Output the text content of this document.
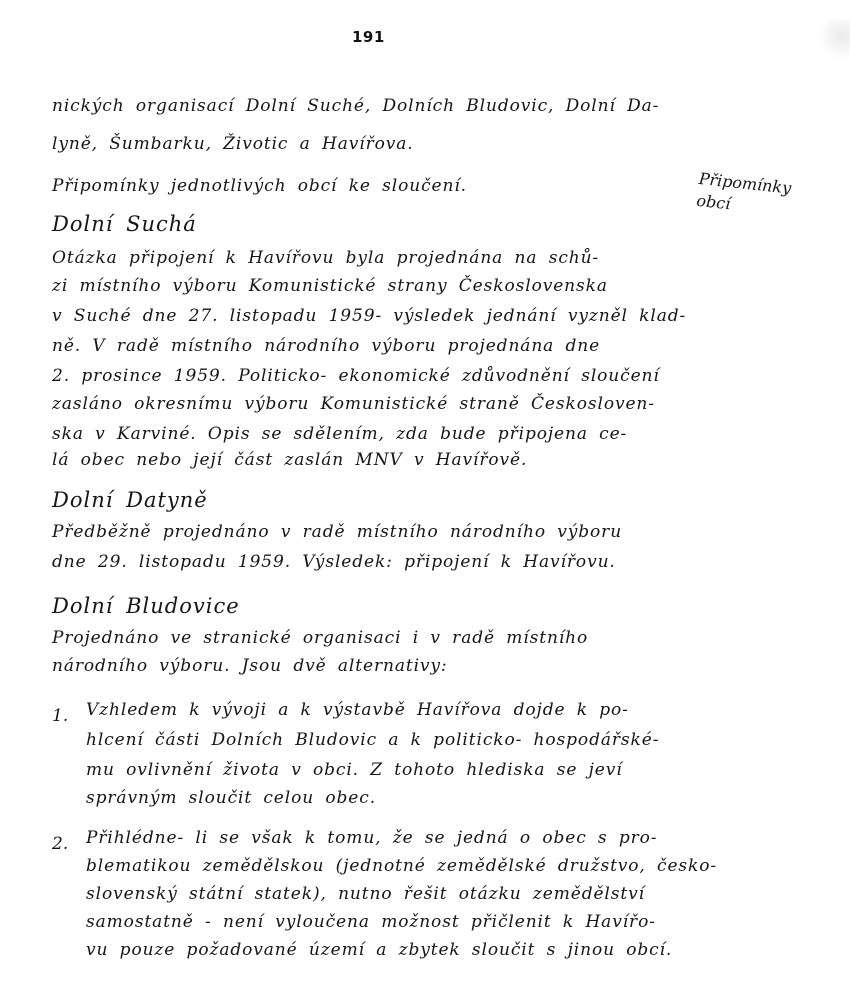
191
nických organisací Dolní Suché, Dolních Bludovic, Dolní Da-
lyně, Šumbarku, Životic a Havířova.
Připomínky jednotlivých obcí ke sloučení.	Připomínky
obcí
Dolní Suchá
Otázka připojení k Havířovu byla projednána na schů-
zi místního výboru Komunistické strany Československa
v Suché dne 27. listopadu 1959- výsledek jednání vyzněl klad-
ně. V radě místního národního výboru projednána dne
2. prosince 1959. Politicko- ekonomické zdůvodnění sloučení
zasláno okresnímu výboru Komunistické straně Českosloven-
ska v Karviné. Opis se sdělením, zda bude připojena ce-
lá obec nebo její část zaslán MNV v Havířově.
Dolní Datyně
Předběžně projednáno v radě místního národního výboru
dne 29. listopadu 1959. Výsledek: připojení k Havířovu.
Dolní Bludovice
Projednáno ve stranické organisaci i v radě místního
národního výboru. Jsou dvě alternativy:
1. Vzhledem k vývoji a k výstavbě Havířova dojde k po-
hlcení části Dolních Bludovic a k politicko- hospodářské-
mu ovlivnění života v obci. Z tohoto hlediska se jeví
správným sloučit celou obec.
2. Přihlédne- li se však k tomu, že se jedná o obec s pro-
blematikou zemědělskou (jednotné zemědělské družstvo, česko-
slovenský státní statek), nutno řešit otázku zemědělství
samostatně - není vyloučena možnost přičlenit k Havířo-
vu pouze požadované území a zbytek sloučit s jinou obcí.
